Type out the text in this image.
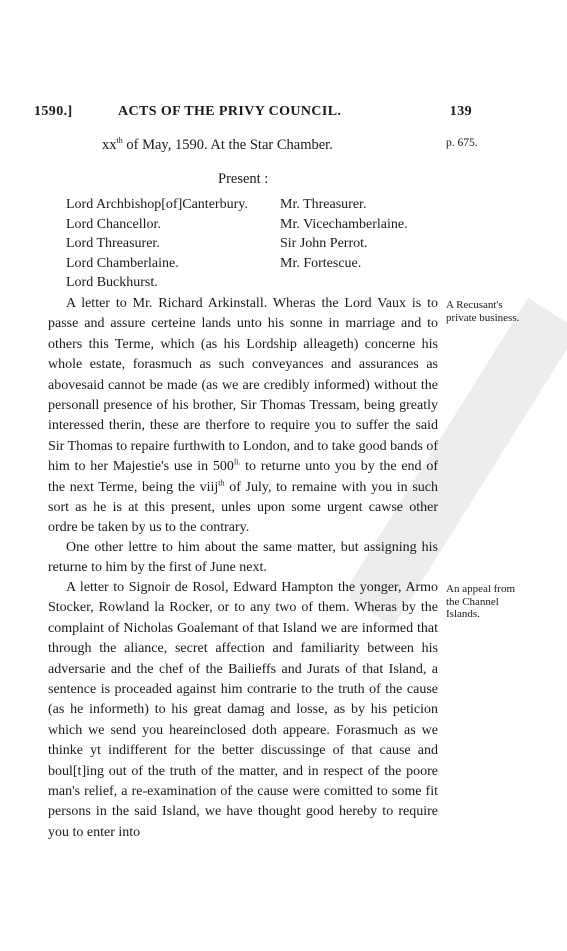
1590.]	ACTS OF THE PRIVY COUNCIL.	139
$xx^{th}$ of May, 1590. At the Star Chamber.	p. 675.
Present :
Lord Archbishop[of]Canterbury.
Lord Chancellor.
Lord Threasurer.
Lord Chamberlaine.
Lord Buckhurst.
Mr. Threasurer.
Mr. Vicechamberlaine.
Sir John Perrot.
Mr. Fortescue.

A letter to Mr. Richard Arkinstall. Wheras the Lord Vaux is to passe and assure certeine lands unto his sonne in marriage and to others this Terme, which (as his Lordship alleageth) concerne his whole estate, forasmuch as such conveyances and assurances as abovesaid cannot be made (as we are credibly informed) without the personall presence of his brother, Sir Thomas Tressam, being greatly interessed therin, these are therfore to require you to suffer the said Sir Thomas to repaire furthwith to London, and to take good bands of him to her Majestie's use in $500^{li.}$ to returne unto you by the end of the next Terme, being the viij$^{th}$ of July, to remaine with you in such sort as he is at this present, unles upon some urgent cawse other ordre be taken by us to the contrary.

One other lettre to him about the same matter, but assigning his returne to him by the first of June next.

A letter to Signoir de Rosol, Edward Hampton the yonger, Armo Stocker, Rowland la Rocker, or to any two of them. Wheras by the complaint of Nicholas Goalemant of that Island we are informed that through the aliance, secret affection and familiarity between his adversarie and the chef of the Bailieffs and Jurats of that Island, a sentence is proceaded against him contrarie to the truth of the cause (as he informeth) to his great damag and losse, as by his peticion which we send you heareinclosed doth appeare. Forasmuch as we thinke yt indifferent for the better discussinge of that cause and boul[t]ing out of the truth of the matter, and in respect of the poore man's relief, a re-examination of the cause were comitted to some fit persons in the said Island, we have thought good hereby to require you to enter into

A Recusant's private business.
An appeal from the Channel Islands.
